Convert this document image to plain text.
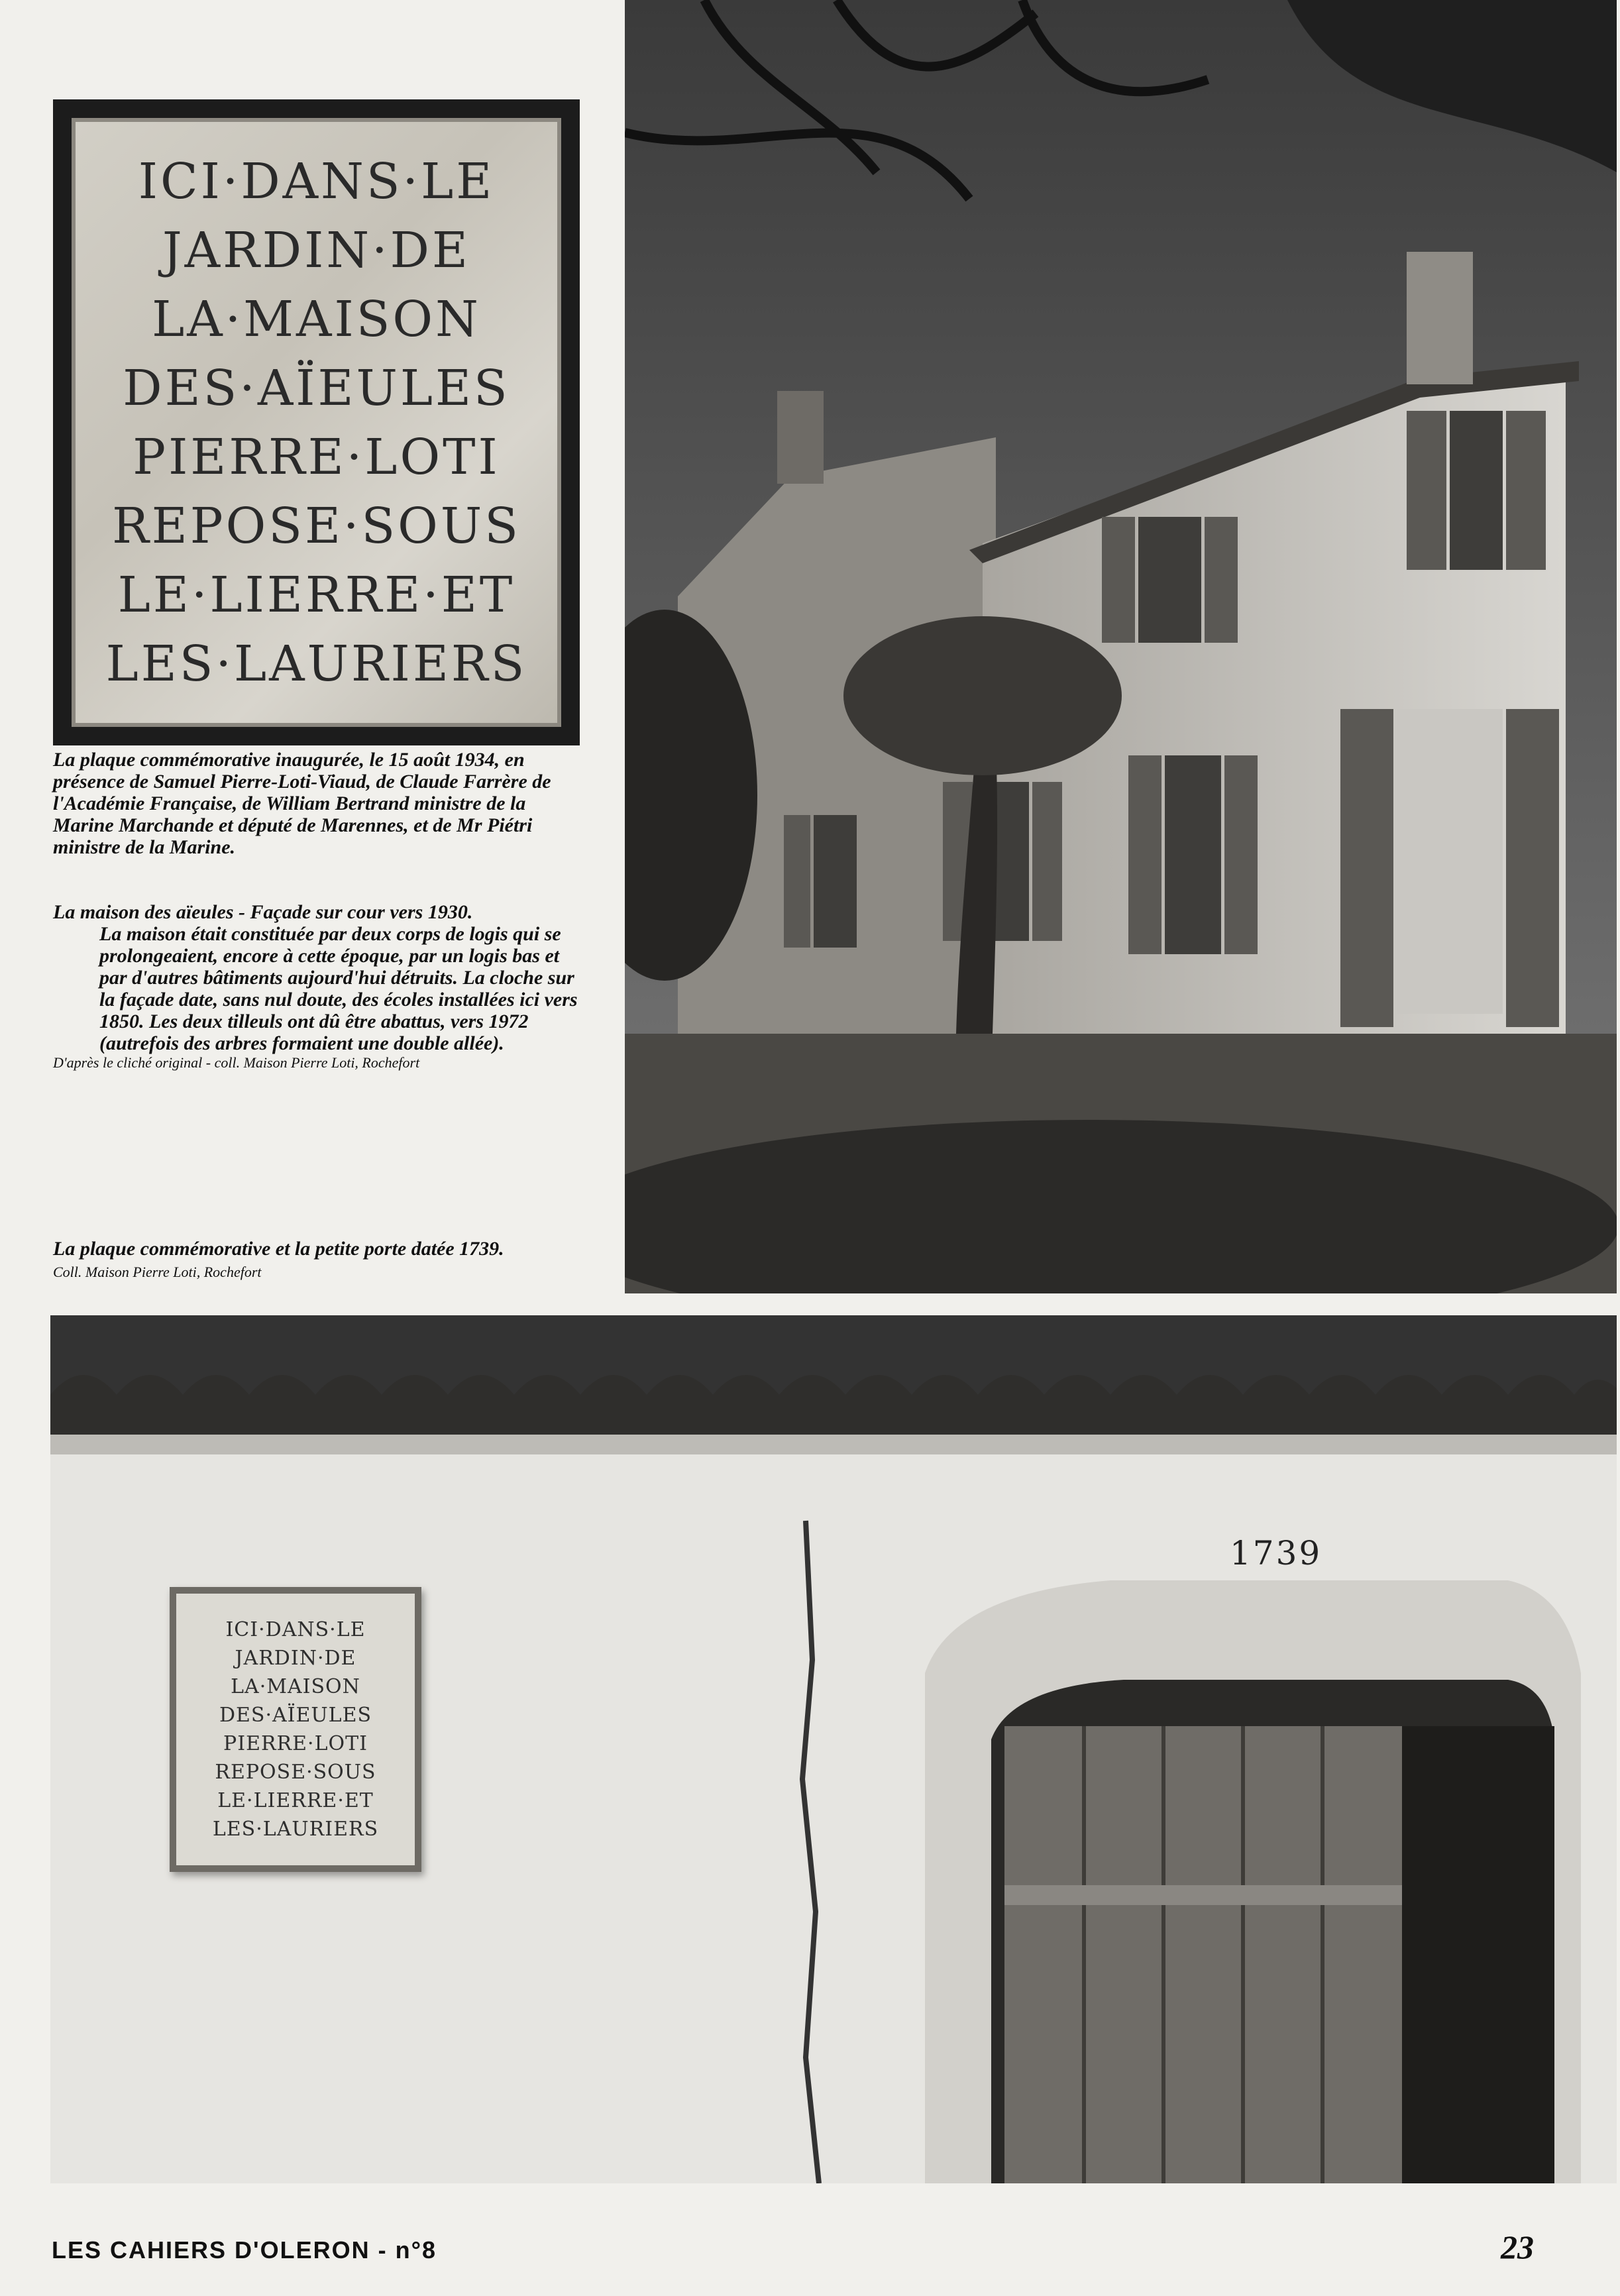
ICI·DANS·LE
JARDIN·DE
LA·MAISON
DES·AÏEULES
PIERRE·LOTI
REPOSE·SOUS
LE·LIERRE·ET
LES·LAURIERS
La plaque commémorative inaugurée, le 15 août 1934, en présence de Samuel Pierre-Loti-Viaud, de Claude Farrère de l'Académie Française, de William Bertrand ministre de la Marine Marchande et député de Marennes, et de Mr Piétri ministre de la Marine.
La maison des aïeules - Façade sur cour vers 1930.
La maison était constituée par deux corps de logis qui se prolongeaient, encore à cette époque, par un logis bas et par d'autres bâtiments aujourd'hui détruits. La cloche sur la façade date, sans nul doute, des écoles installées ici vers 1850. Les deux tilleuls ont dû être abattus, vers 1972 (autrefois des arbres formaient une double allée).
D'après le cliché original - coll. Maison Pierre Loti, Rochefort
La plaque commémorative et la petite porte datée 1739.
Coll. Maison Pierre Loti, Rochefort
ICI·DANS·LE
JARDIN·DE
LA·MAISON
DES·AÏEULES
PIERRE·LOTI
REPOSE·SOUS
LE·LIERRE·ET
LES·LAURIERS
1739
LES CAHIERS D'OLERON - n°8	23
